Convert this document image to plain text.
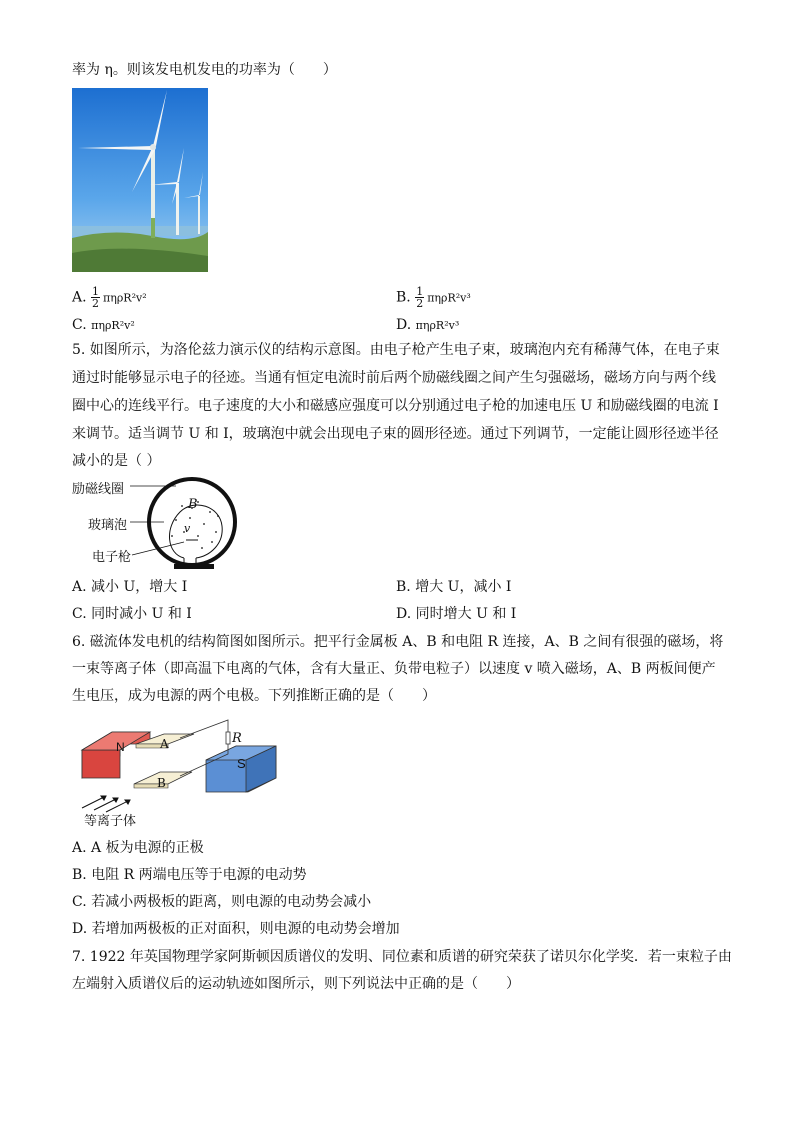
率为 η。则该发电机发电的功率为（　　）
A. $\frac{1}{2} \pi\eta\rho R^2v^2$	B. $\frac{1}{2} \pi\eta\rho R^2v^3$
C. πηρR²v²	D. πηρR²v³
5. 如图所示，为洛伦兹力演示仪的结构示意图。由电子枪产生电子束，玻璃泡内充有稀薄气体，在电子束
通过时能够显示电子的径迹。当通有恒定电流时前后两个励磁线圈之间产生匀强磁场，磁场方向与两个线
圈中心的连线平行。电子速度的大小和磁感应强度可以分别通过电子枪的加速电压 U 和励磁线圈的电流 I
来调节。适当调节 U 和 I，玻璃泡中就会出现电子束的圆形径迹。通过下列调节，一定能让圆形径迹半径
减小的是（ ）
励磁线圈
玻璃泡
电子枪
B
v
A. 减小 U，增大 I	B. 增大 U，减小 I
C. 同时减小 U 和 I	D. 同时增大 U 和 I
6. 磁流体发电机的结构简图如图所示。把平行金属板 A、B 和电阻 R 连接，A、B 之间有很强的磁场，将
一束等离子体（即高温下电离的气体，含有大量正、负带电粒子）以速度 v 喷入磁场，A、B 两板间便产
生电压，成为电源的两个电极。下列推断正确的是（　　）
N
S
A
B
R
等离子体
A. A 板为电源的正极
B. 电阻 R 两端电压等于电源的电动势
C. 若减小两极板的距离，则电源的电动势会减小
D. 若增加两极板的正对面积，则电源的电动势会增加
7. 1922 年英国物理学家阿斯顿因质谱仪的发明、同位素和质谱的研究荣获了诺贝尔化学奖．若一束粒子由
左端射入质谱仪后的运动轨迹如图所示，则下列说法中正确的是（　　）
